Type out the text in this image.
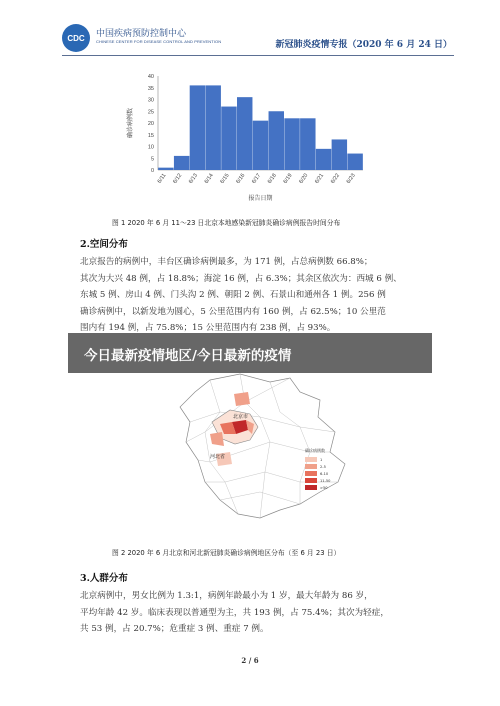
CDC 中国疾病预防控制中心
CHINESE CENTER FOR DISEASE CONTROL AND PREVENTION	新冠肺炎疫情专报（2020 年 6 月 24 日）
0
5
10
15
20
25
30
35
40
6/11 6/12 6/13 6/14 6/15 6/16 6/17 6/18 6/19 6/20 6/21 6/22 6/23
报告日期
确诊病例数
图 1 2020 年 6 月 11～23 日北京本地感染新冠肺炎确诊病例报告时间分布
2.空间分布
北京报告的病例中，丰台区确诊病例最多，为 171 例，占总病例数 66.8%；
其次为大兴 48 例，占 18.8%；海淀 16 例，占 6.3%；其余区依次为：西城 6 例、
东城 5 例、房山 4 例、门头沟 2 例、朝阳 2 例、石景山和通州各 1 例。256 例
确诊病例中，以新发地为圆心，5 公里范围内有 160 例，占 62.5%；10 公里范
围内有 194 例，占 75.8%；15 公里范围内有 238 例，占 93%。
北京市
河北省
确诊病例数
1
2-5
6-10
11-50
>50
今日最新疫情地区/今日最新的疫情
图 2 2020 年 6 月北京和河北新冠肺炎确诊病例地区分布（至 6 月 23 日）
3.人群分布
北京病例中，男女比例为 1.3:1，病例年龄最小为 1 岁，最大年龄为 86 岁，
平均年龄 42 岁。临床表现以普通型为主，共 193 例，占 75.4%；其次为轻症，
共 53 例，占 20.7%；危重症 3 例、重症 7 例。
2 / 6
